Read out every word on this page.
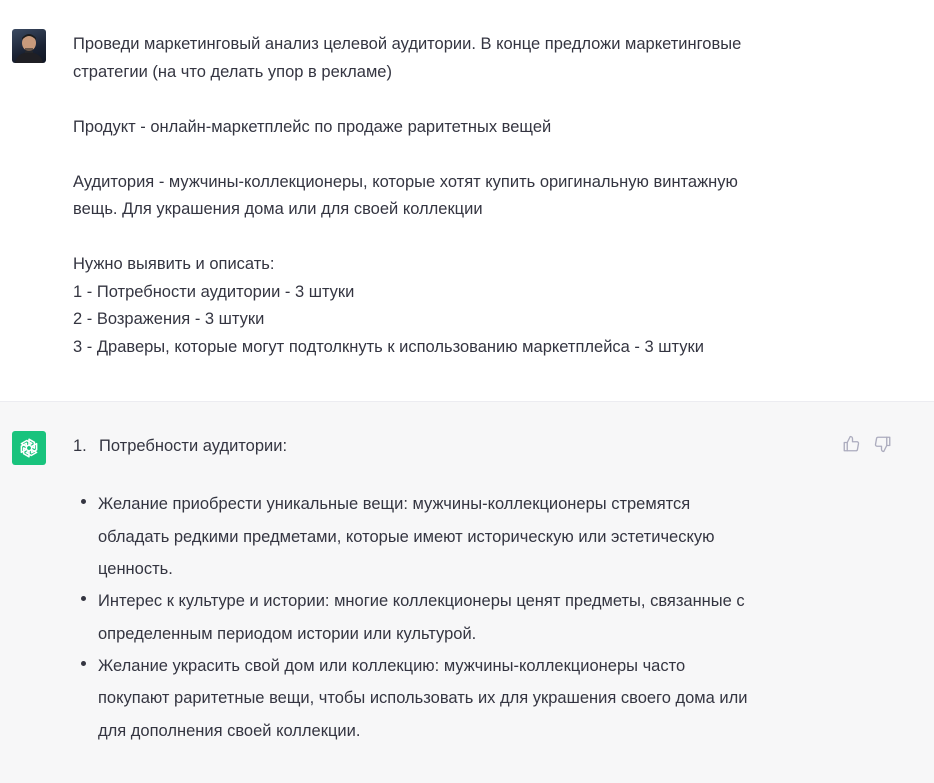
Проведи маркетинговый анализ целевой аудитории. В конце предложи маркетинговые

стратегии (на что делать упор в рекламе)

Продукт - онлайн-маркетплейс по продаже раритетных вещей

Аудитория - мужчины-коллекционеры, которые хотят купить оригинальную винтажную

вещь. Для украшения дома или для своей коллекции

Нужно выявить и описать:

1 - Потребности аудитории - 3 штуки

2 - Возражения - 3 штуки

3 - Драверы, которые могут подтолкнуть к использованию маркетплейса - 3 штуки

1. Потребности аудитории:
Желание приобрести уникальные вещи: мужчины-коллекционеры стремятся
обладать редкими предметами, которые имеют историческую или эстетическую
ценность.
Интерес к культуре и истории: многие коллекционеры ценят предметы, связанные с
определенным периодом истории или культурой.
Желание украсить свой дом или коллекцию: мужчины-коллекционеры часто
покупают раритетные вещи, чтобы использовать их для украшения своего дома или
для дополнения своей коллекции.
